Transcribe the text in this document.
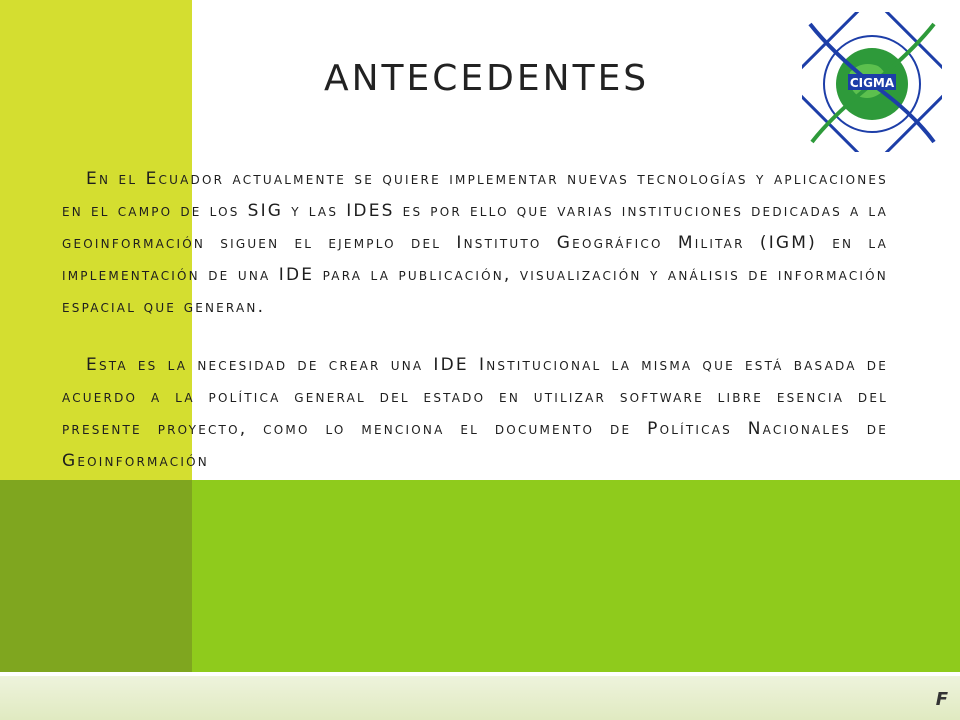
ANTECEDENTES	CIGMA

En el Ecuador actualmente se quiere implementar nuevas tecnologías y aplicaciones en el campo de los SIG y las IDES es por ello que varias instituciones dedicadas a la geoinformación siguen el ejemplo del Instituto Geográfico Militar (IGM) en la implementación de una IDE para la publicación, visualización y análisis de información espacial que generan.

Esta es la necesidad de crear una IDE Institucional la misma que está basada de acuerdo a la política general del estado en utilizar software libre esencia del presente proyecto, como lo menciona el documento de Políticas Nacionales de Geoinformación

F
